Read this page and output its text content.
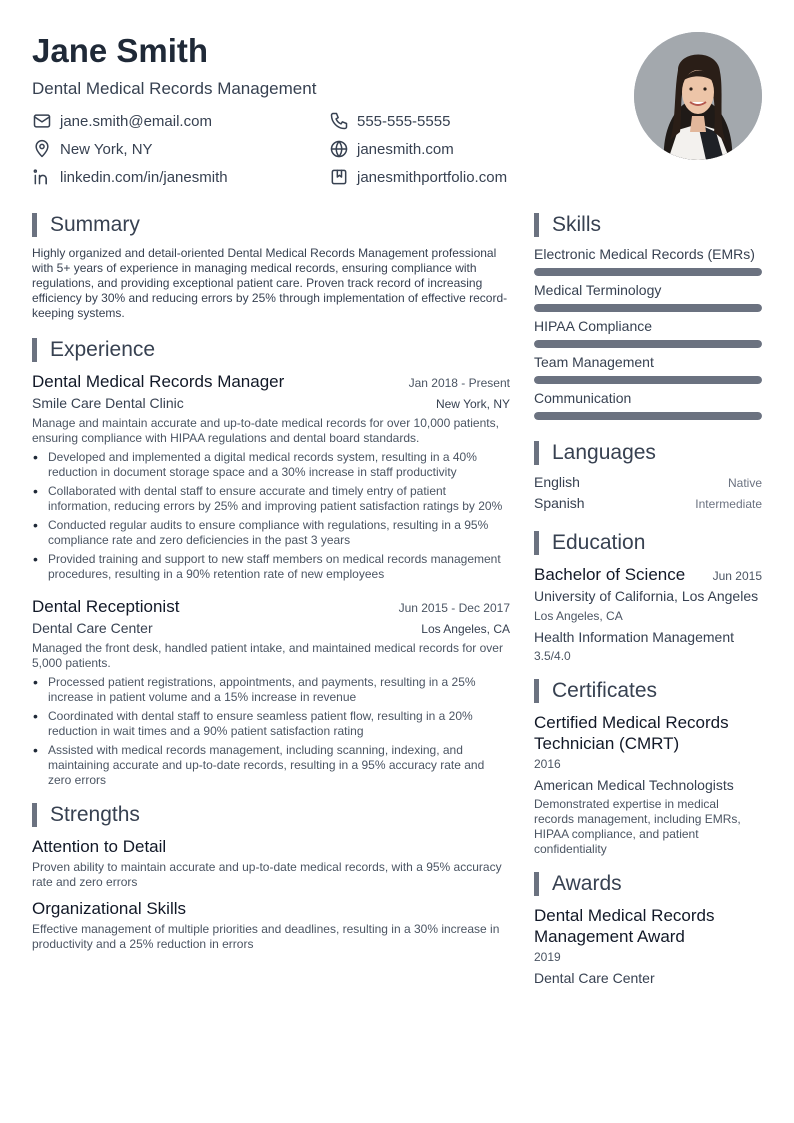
Jane Smith
Dental Medical Records Management
jane.smith@email.com	555-555-5555
New York, NY	janesmith.com
linkedin.com/in/janesmith	janesmithportfolio.com
Summary
Highly organized and detail-oriented Dental Medical Records Management professional with 5+ years of experience in managing medical records, ensuring compliance with regulations, and providing exceptional patient care. Proven track record of increasing efficiency by 30% and reducing errors by 25% through implementation of effective record-keeping systems.
Experience
Dental Medical Records Manager	Jan 2018 - Present
Smile Care Dental Clinic	New York, NY
Manage and maintain accurate and up-to-date medical records for over 10,000 patients, ensuring compliance with HIPAA regulations and dental board standards.
• Developed and implemented a digital medical records system, resulting in a 40% reduction in document storage space and a 30% increase in staff productivity
• Collaborated with dental staff to ensure accurate and timely entry of patient information, reducing errors by 25% and improving patient satisfaction ratings by 20%
• Conducted regular audits to ensure compliance with regulations, resulting in a 95% compliance rate and zero deficiencies in the past 3 years
• Provided training and support to new staff members on medical records management procedures, resulting in a 90% retention rate of new employees
Dental Receptionist	Jun 2015 - Dec 2017
Dental Care Center	Los Angeles, CA
Managed the front desk, handled patient intake, and maintained medical records for over 5,000 patients.
• Processed patient registrations, appointments, and payments, resulting in a 25% increase in patient volume and a 15% increase in revenue
• Coordinated with dental staff to ensure seamless patient flow, resulting in a 20% reduction in wait times and a 90% patient satisfaction rating
• Assisted with medical records management, including scanning, indexing, and maintaining accurate and up-to-date records, resulting in a 95% accuracy rate and zero errors
Strengths
Attention to Detail
Proven ability to maintain accurate and up-to-date medical records, with a 95% accuracy rate and zero errors
Organizational Skills
Effective management of multiple priorities and deadlines, resulting in a 30% increase in productivity and a 25% reduction in errors
Skills
Electronic Medical Records (EMRs)
Medical Terminology
HIPAA Compliance
Team Management
Communication
Languages
English	Native
Spanish	Intermediate
Education
Bachelor of Science Jun 2015
University of California, Los Angeles
Los Angeles, CA
Health Information Management
3.5/4.0
Certificates
Certified Medical Records Technician (CMRT)
2016
American Medical Technologists
Demonstrated expertise in medical records management, including EMRs, HIPAA compliance, and patient confidentiality
Awards
Dental Medical Records Management Award
2019
Dental Care Center
